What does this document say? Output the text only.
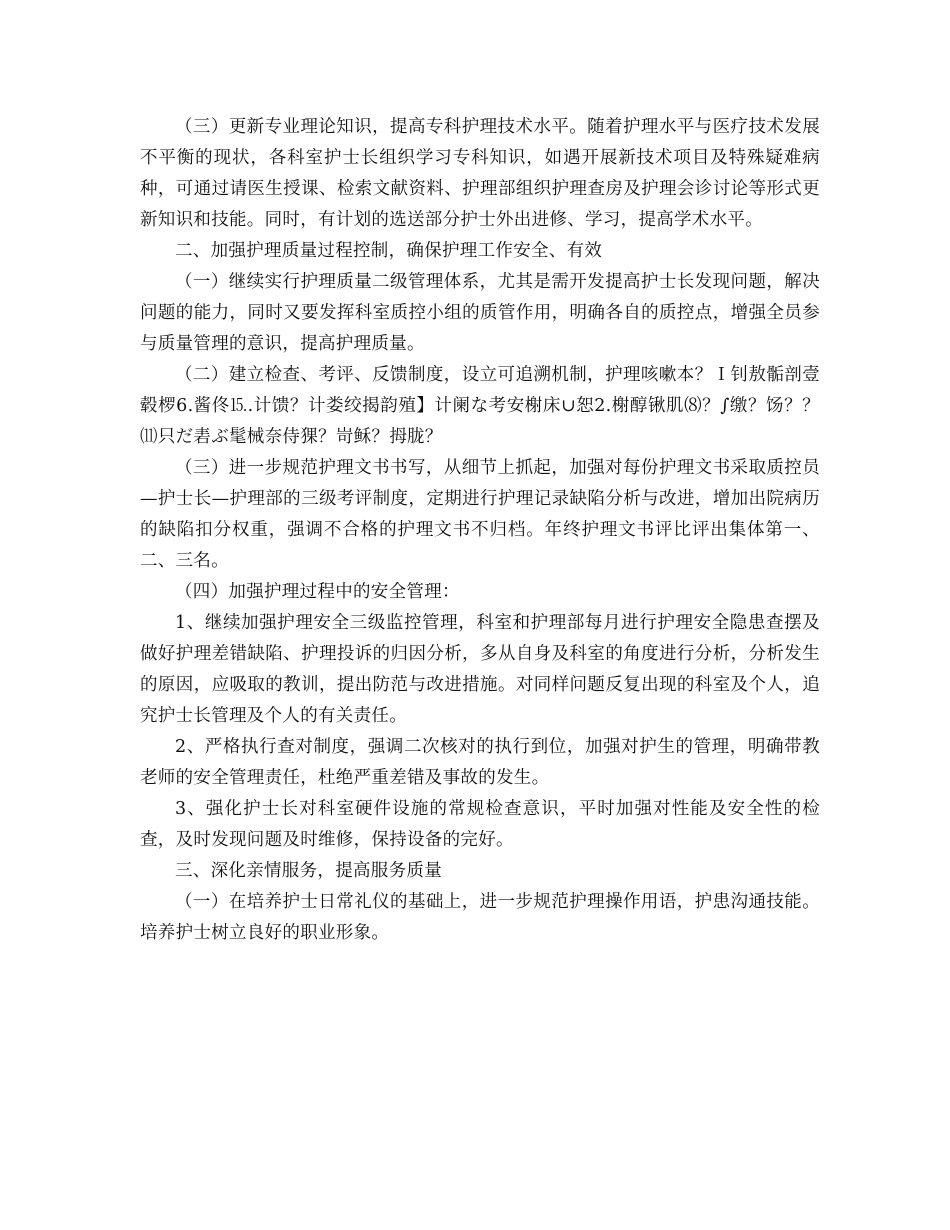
（三）更新专业理论知识，提高专科护理技术水平。随着护理水平与医疗技术发展不平衡的现状，各科室护士长组织学习专科知识，如遇开展新技术项目及特殊疑难病种，可通过请医生授课、检索文献资料、护理部组织护理查房及护理会诊讨论等形式更新知识和技能。同时，有计划的选送部分护士外出进修、学习，提高学术水平。

二、加强护理质量过程控制，确保护理工作安全、有效

（一）继续实行护理质量二级管理体系，尤其是需开发提高护士长发现问题，解决问题的能力，同时又要发挥科室质控小组的质管作用，明确各自的质控点，增强全员参与质量管理的意识，提高护理质量。

（二）建立检查、考评、反馈制度，设立可追溯机制，护理咳嗽本？Ｉ钊敖骺剖壹毂椤6.酱佟⒖.计馈？计娄绞揭韵殖】计阑な考安榭床∪恕2.榭醇锹肌⑻？∫缴？饧？？⑾只だ砉ぶ髦械奈侍猓？岢稣？拇胧？

（三）进一步规范护理文书书写，从细节上抓起，加强对每份护理文书采取质控员—护士长—护理部的三级考评制度，定期进行护理记录缺陷分析与改进，增加出院病历的缺陷扣分权重，强调不合格的护理文书不归档。年终护理文书评比评出集体第一、二、三名。

（四）加强护理过程中的安全管理：

1、继续加强护理安全三级监控管理，科室和护理部每月进行护理安全隐患查摆及做好护理差错缺陷、护理投诉的归因分析，多从自身及科室的角度进行分析，分析发生的原因，应吸取的教训，提出防范与改进措施。对同样问题反复出现的科室及个人，追究护士长管理及个人的有关责任。

2、严格执行查对制度，强调二次核对的执行到位，加强对护生的管理，明确带教老师的安全管理责任，杜绝严重差错及事故的发生。

3、强化护士长对科室硬件设施的常规检查意识，平时加强对性能及安全性的检查，及时发现问题及时维修，保持设备的完好。

三、深化亲情服务，提高服务质量

（一）在培养护士日常礼仪的基础上，进一步规范护理操作用语，护患沟通技能。培养护士树立良好的职业形象。
